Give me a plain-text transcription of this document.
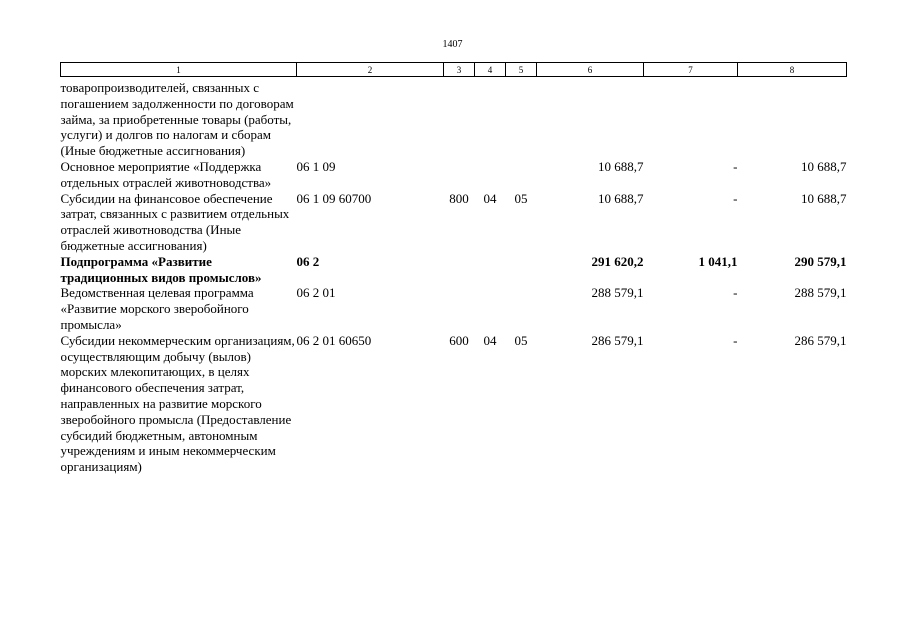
1407
1	2	3	4	5	6	7	8
товаропроизводителей, связанных с погашением задолженности по договорам займа, за приобретенные товары (работы, услуги) и долгов по налогам и сборам (Иные бюджетные ассигнования)							
Основное мероприятие «Поддержка отдельных отраслей животноводства»	06 1 09				10 688,7	-	10 688,7
Субсидии на финансовое обеспечение затрат, связанных с развитием отдельных отраслей животноводства (Иные бюджетные ассигнования)	06 1 09 60700	800	04	05	10 688,7	-	10 688,7
Подпрограмма «Развитие традиционных видов промыслов»	06 2				291 620,2	1 041,1	290 579,1
Ведомственная целевая программа «Развитие морского зверобойного промысла»	06 2 01				288 579,1	-	288 579,1
Субсидии некоммерческим организациям, осуществляющим добычу (вылов) морских млекопитающих, в целях финансового обеспечения затрат, направленных на развитие морского зверобойного промысла (Предоставление субсидий бюджетным, автономным учреждениям и иным некоммерческим организациям)	06 2 01 60650	600	04	05	286 579,1	-	286 579,1
